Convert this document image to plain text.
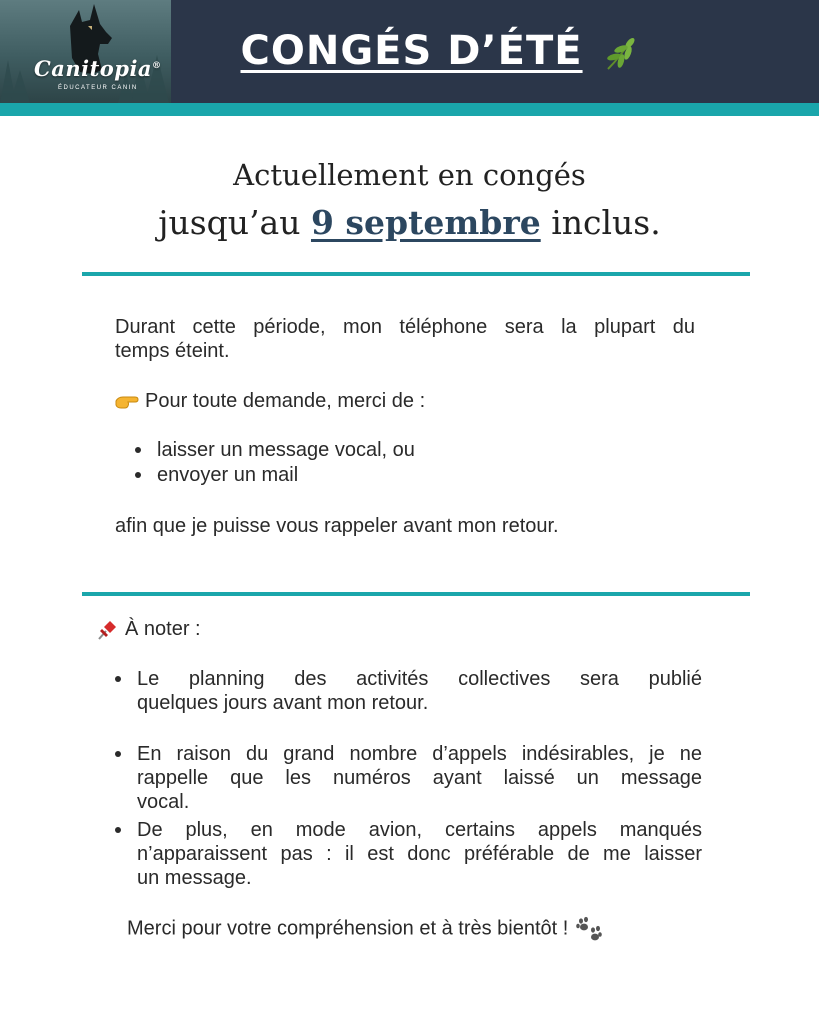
Canitopia®
ÉDUCATEUR CANIN
CONGÉS D’ÉTÉ
Actuellement en congés
jusqu’au 9 septembre inclus.
Durant cette période, mon téléphone sera la plupart du
temps éteint.
Pour toute demande, merci de :
laisser un message vocal, ou
envoyer un mail
afin que je puisse vous rappeler avant mon retour.
À noter :
Le planning des activités collectives sera publié
quelques jours avant mon retour.
En raison du grand nombre d’appels indésirables, je ne
rappelle que les numéros ayant laissé un message
vocal.
De plus, en mode avion, certains appels manqués
n’apparaissent pas : il est donc préférable de me laisser
un message.
Merci pour votre compréhension et à très bientôt !
